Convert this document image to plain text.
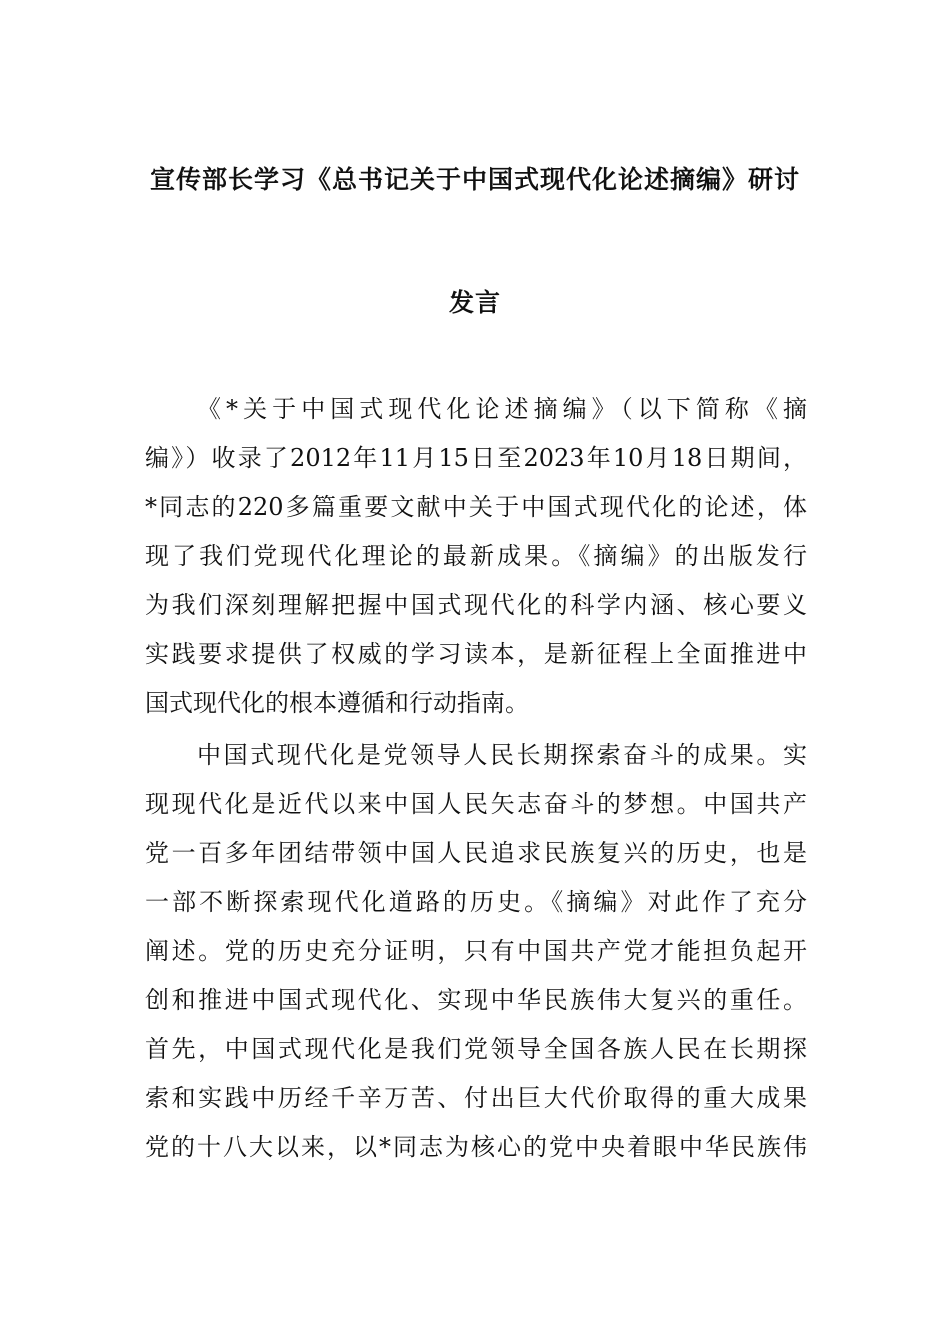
宣传部长学习《总书记关于中国式现代化论述摘编》研讨
发言
《*关于中国式现代化论述摘编》（以下简称《摘
编》）收录了2012年11月15日至2023年10月18日期间，
*同志的220多篇重要文献中关于中国式现代化的论述，体
现了我们党现代化理论的最新成果。《摘编》的出版发行
为我们深刻理解把握中国式现代化的科学内涵、核心要义
实践要求提供了权威的学习读本，是新征程上全面推进中
国式现代化的根本遵循和行动指南。
中国式现代化是党领导人民长期探索奋斗的成果。实
现现代化是近代以来中国人民矢志奋斗的梦想。中国共产
党一百多年团结带领中国人民追求民族复兴的历史，也是
一部不断探索现代化道路的历史。《摘编》对此作了充分
阐述。党的历史充分证明，只有中国共产党才能担负起开
创和推进中国式现代化、实现中华民族伟大复兴的重任。
首先，中国式现代化是我们党领导全国各族人民在长期探
索和实践中历经千辛万苦、付出巨大代价取得的重大成果
党的十八大以来，以*同志为核心的党中央着眼中华民族伟
